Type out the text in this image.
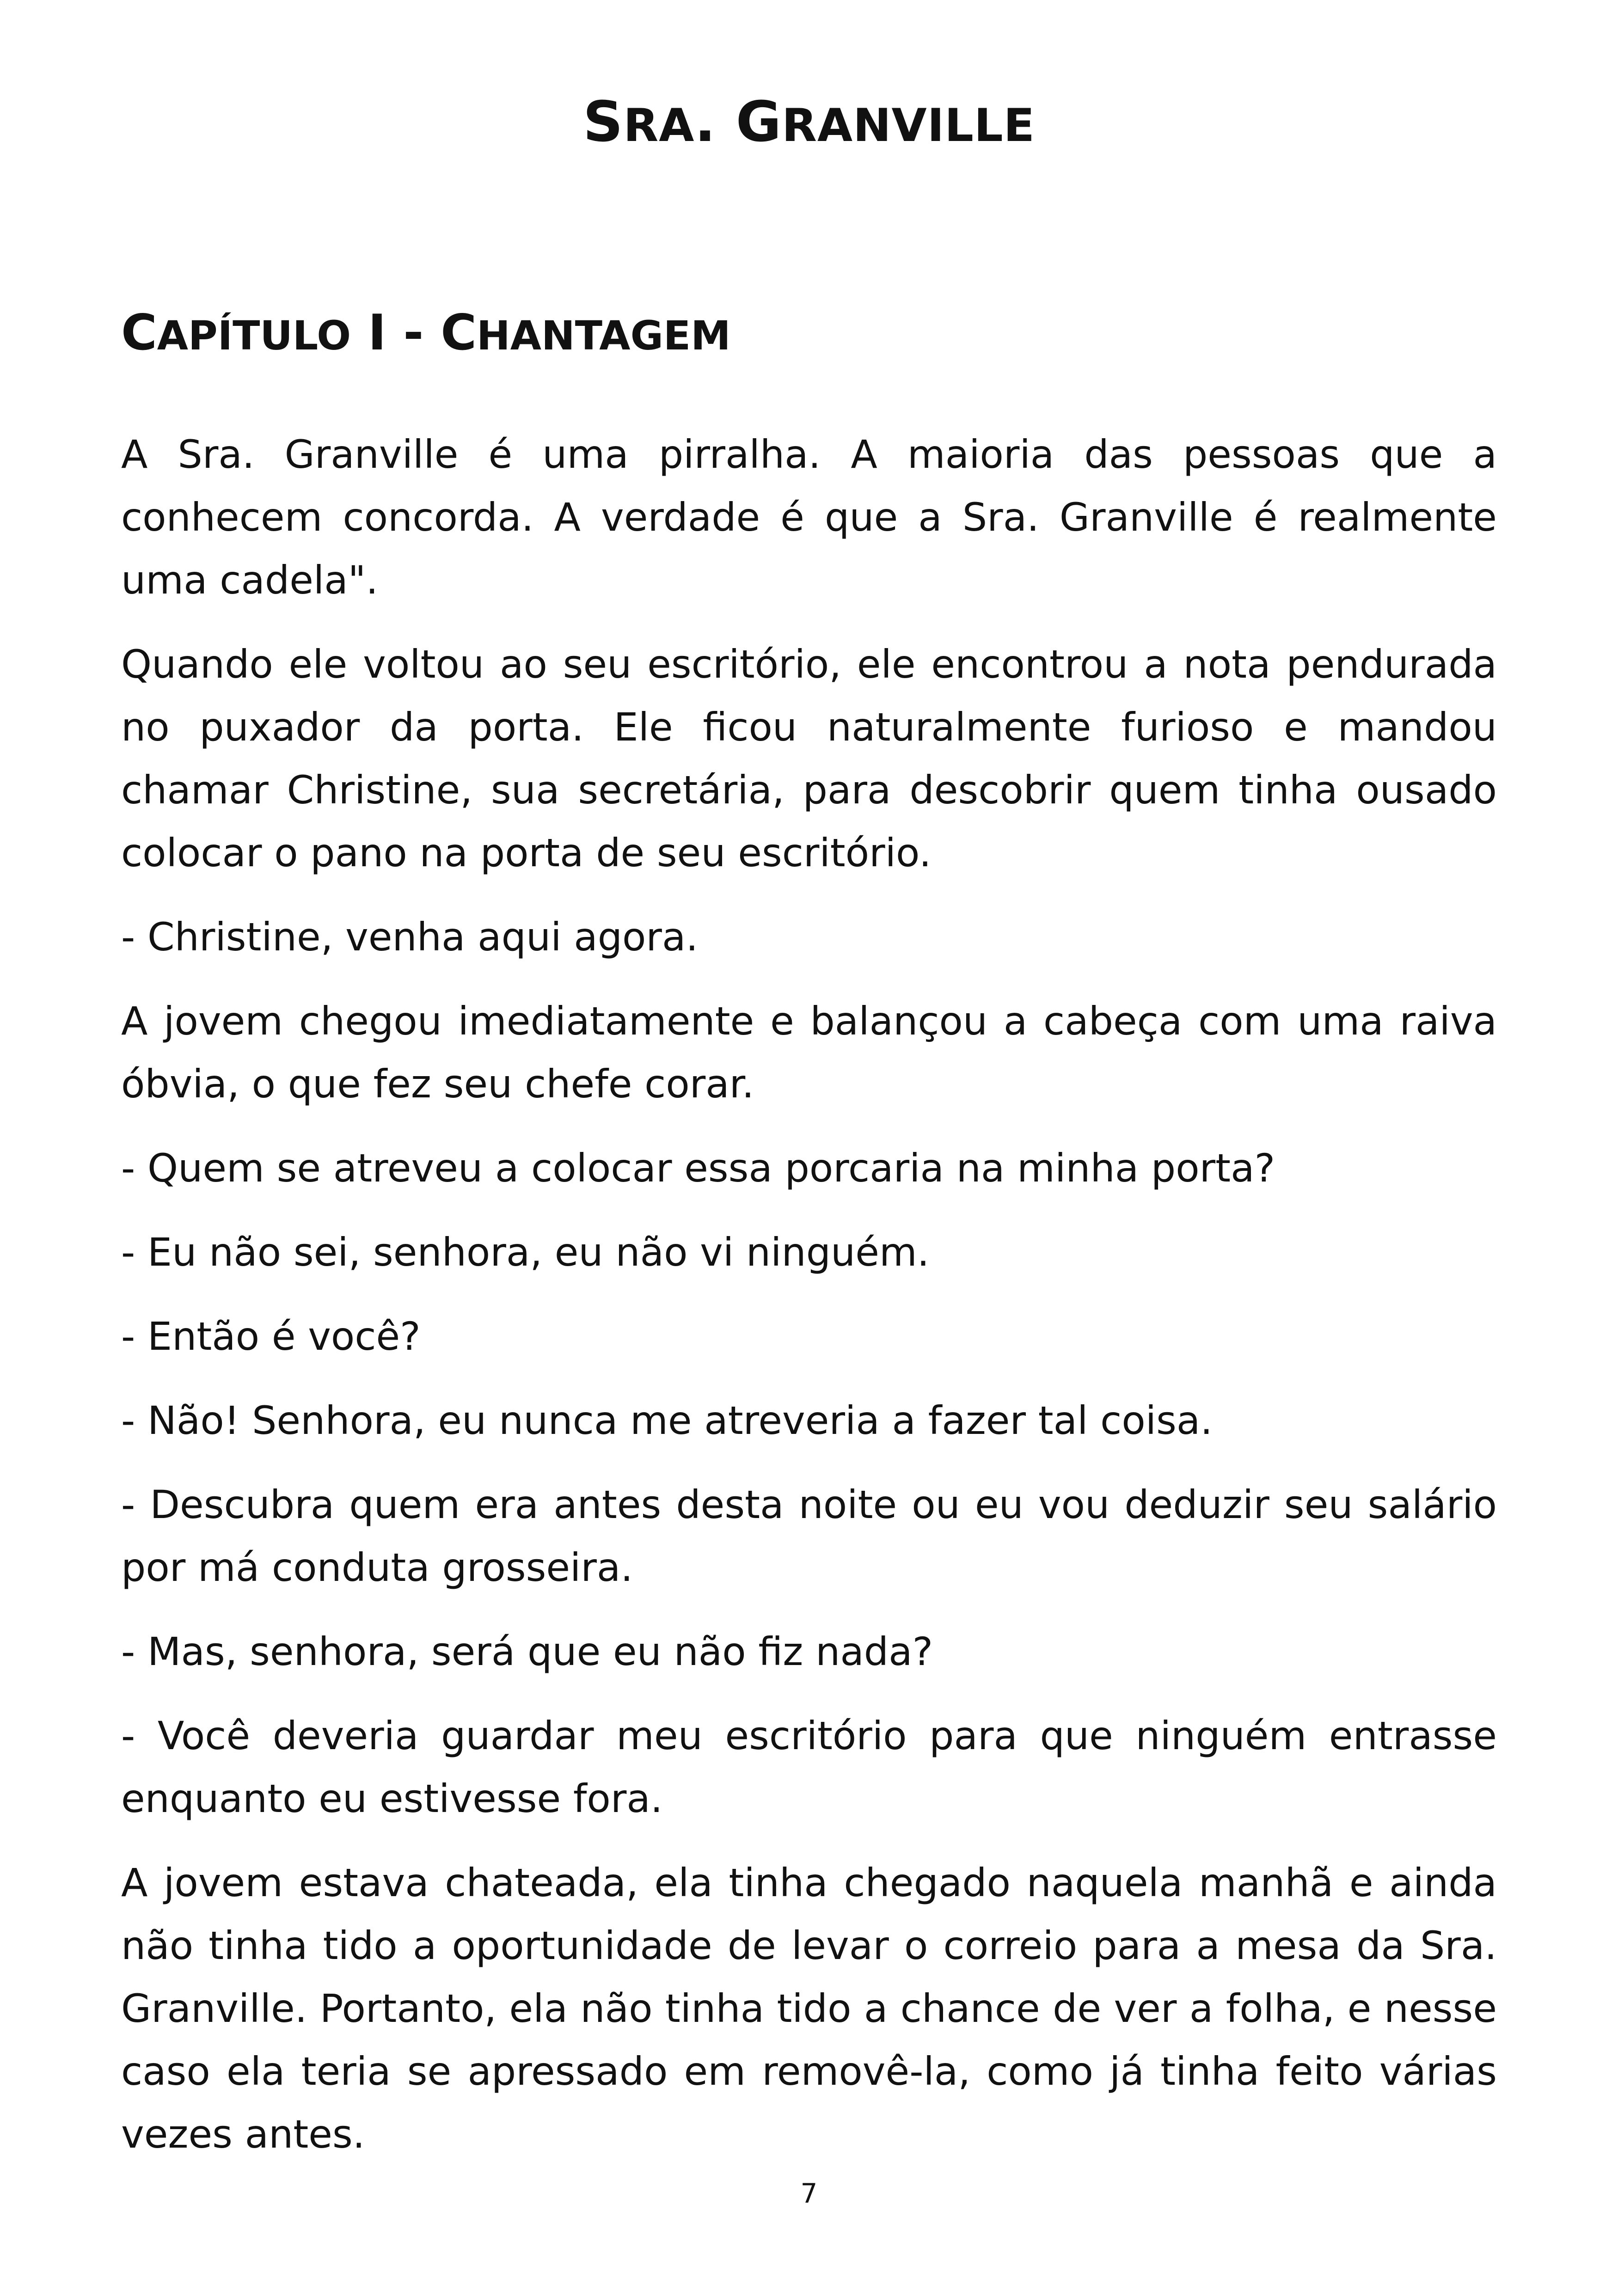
SRA. GRANVILLE
CAPÍTULO I - CHANTAGEM

A Sra. Granville é uma pirralha. A maioria das pessoas que a conhecem concorda. A verdade é que a Sra. Granville é realmente uma cadela".

Quando ele voltou ao seu escritório, ele encontrou a nota pendurada no puxador da porta. Ele ficou naturalmente furioso e mandou chamar Christine, sua secretária, para descobrir quem tinha ousado colocar o pano na porta de seu escritório.

- Christine, venha aqui agora.

A jovem chegou imediatamente e balançou a cabeça com uma raiva óbvia, o que fez seu chefe corar.

- Quem se atreveu a colocar essa porcaria na minha porta?

- Eu não sei, senhora, eu não vi ninguém.

- Então é você?

- Não! Senhora, eu nunca me atreveria a fazer tal coisa.

- Descubra quem era antes desta noite ou eu vou deduzir seu salário por má conduta grosseira.

- Mas, senhora, será que eu não fiz nada?

- Você deveria guardar meu escritório para que ninguém entrasse enquanto eu estivesse fora.

A jovem estava chateada, ela tinha chegado naquela manhã e ainda não tinha tido a oportunidade de levar o correio para a mesa da Sra. Granville. Portanto, ela não tinha tido a chance de ver a folha, e nesse caso ela teria se apressado em removê-la, como já tinha feito várias vezes antes.

7
